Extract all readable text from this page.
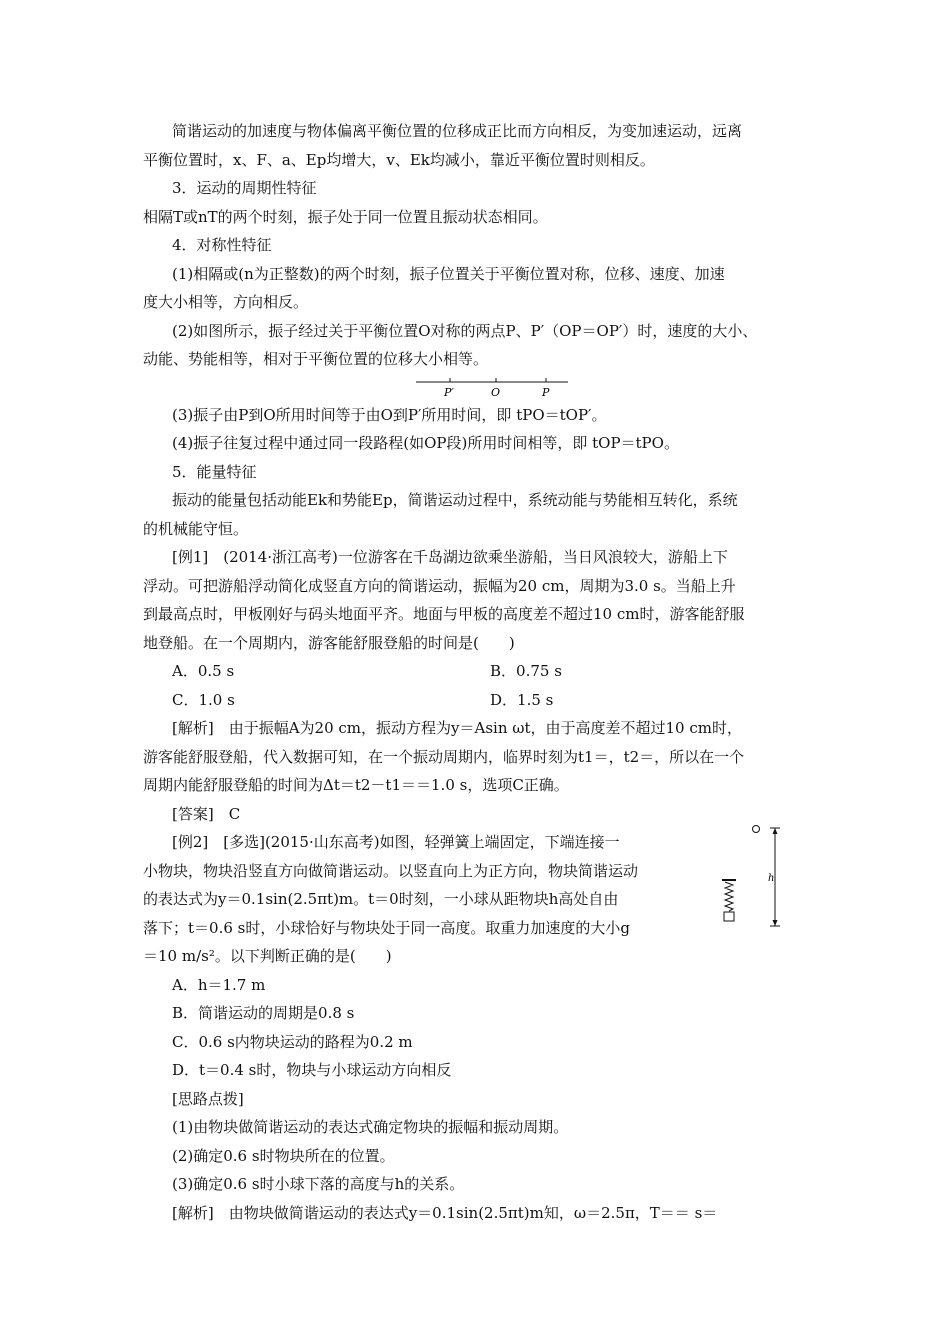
简谐运动的加速度与物体偏离平衡位置的位移成正比而方向相反，为变加速运动，远离
平衡位置时，x、F、a、Ep均增大，v、Ek均减小，靠近平衡位置时则相反。
3．运动的周期性特征
相隔T或nT的两个时刻，振子处于同一位置且振动状态相同。
4．对称性特征
(1)相隔或(n为正整数)的两个时刻，振子位置关于平衡位置对称，位移、速度、加速
度大小相等，方向相反。
(2)如图所示，振子经过关于平衡位置O对称的两点P、P′（OP＝OP′）时，速度的大小、
动能、势能相等，相对于平衡位置的位移大小相等。
P′	O	P
(3)振子由P到O所用时间等于由O到P′所用时间，即 tPO＝tOP′。
(4)振子往复过程中通过同一段路程(如OP段)所用时间相等，即 tOP＝tPO。
5．能量特征
振动的能量包括动能Ek和势能Ep，简谐运动过程中，系统动能与势能相互转化，系统
的机械能守恒。
[例1]　(2014·浙江高考)一位游客在千岛湖边欲乘坐游船，当日风浪较大，游船上下
浮动。可把游船浮动简化成竖直方向的简谐运动，振幅为20 cm，周期为3.0 s。当船上升
到最高点时，甲板刚好与码头地面平齐。地面与甲板的高度差不超过10 cm时，游客能舒服
地登船。在一个周期内，游客能舒服登船的时间是(　　)
A．0.5 s	B．0.75 s
C．1.0 s	D．1.5 s
[解析]　由于振幅A为20 cm，振动方程为y＝Asin ωt，由于高度差不超过10 cm时，
游客能舒服登船，代入数据可知，在一个振动周期内，临界时刻为t1＝，t2＝，所以在一个
周期内能舒服登船的时间为Δt＝t2－t1＝＝1.0 s，选项C正确。
[答案]　C
[例2]　[多选](2015·山东高考)如图，轻弹簧上端固定，下端连接一
小物块，物块沿竖直方向做简谐运动。以竖直向上为正方向，物块简谐运动
的表达式为y＝0.1sin(2.5πt)m。t＝0时刻，一小球从距物块h高处自由
落下；t＝0.6 s时，小球恰好与物块处于同一高度。取重力加速度的大小g
＝10 m/s²。以下判断正确的是(　　)
A．h＝1.7 m
B．简谐运动的周期是0.8 s
C．0.6 s内物块运动的路程为0.2 m
D．t＝0.4 s时，物块与小球运动方向相反
[思路点拨]
(1)由物块做简谐运动的表达式确定物块的振幅和振动周期。
(2)确定0.6 s时物块所在的位置。
(3)确定0.6 s时小球下落的高度与h的关系。
[解析]　由物块做简谐运动的表达式y＝0.1sin(2.5πt)m知，ω＝2.5π，T＝＝ s＝
h
